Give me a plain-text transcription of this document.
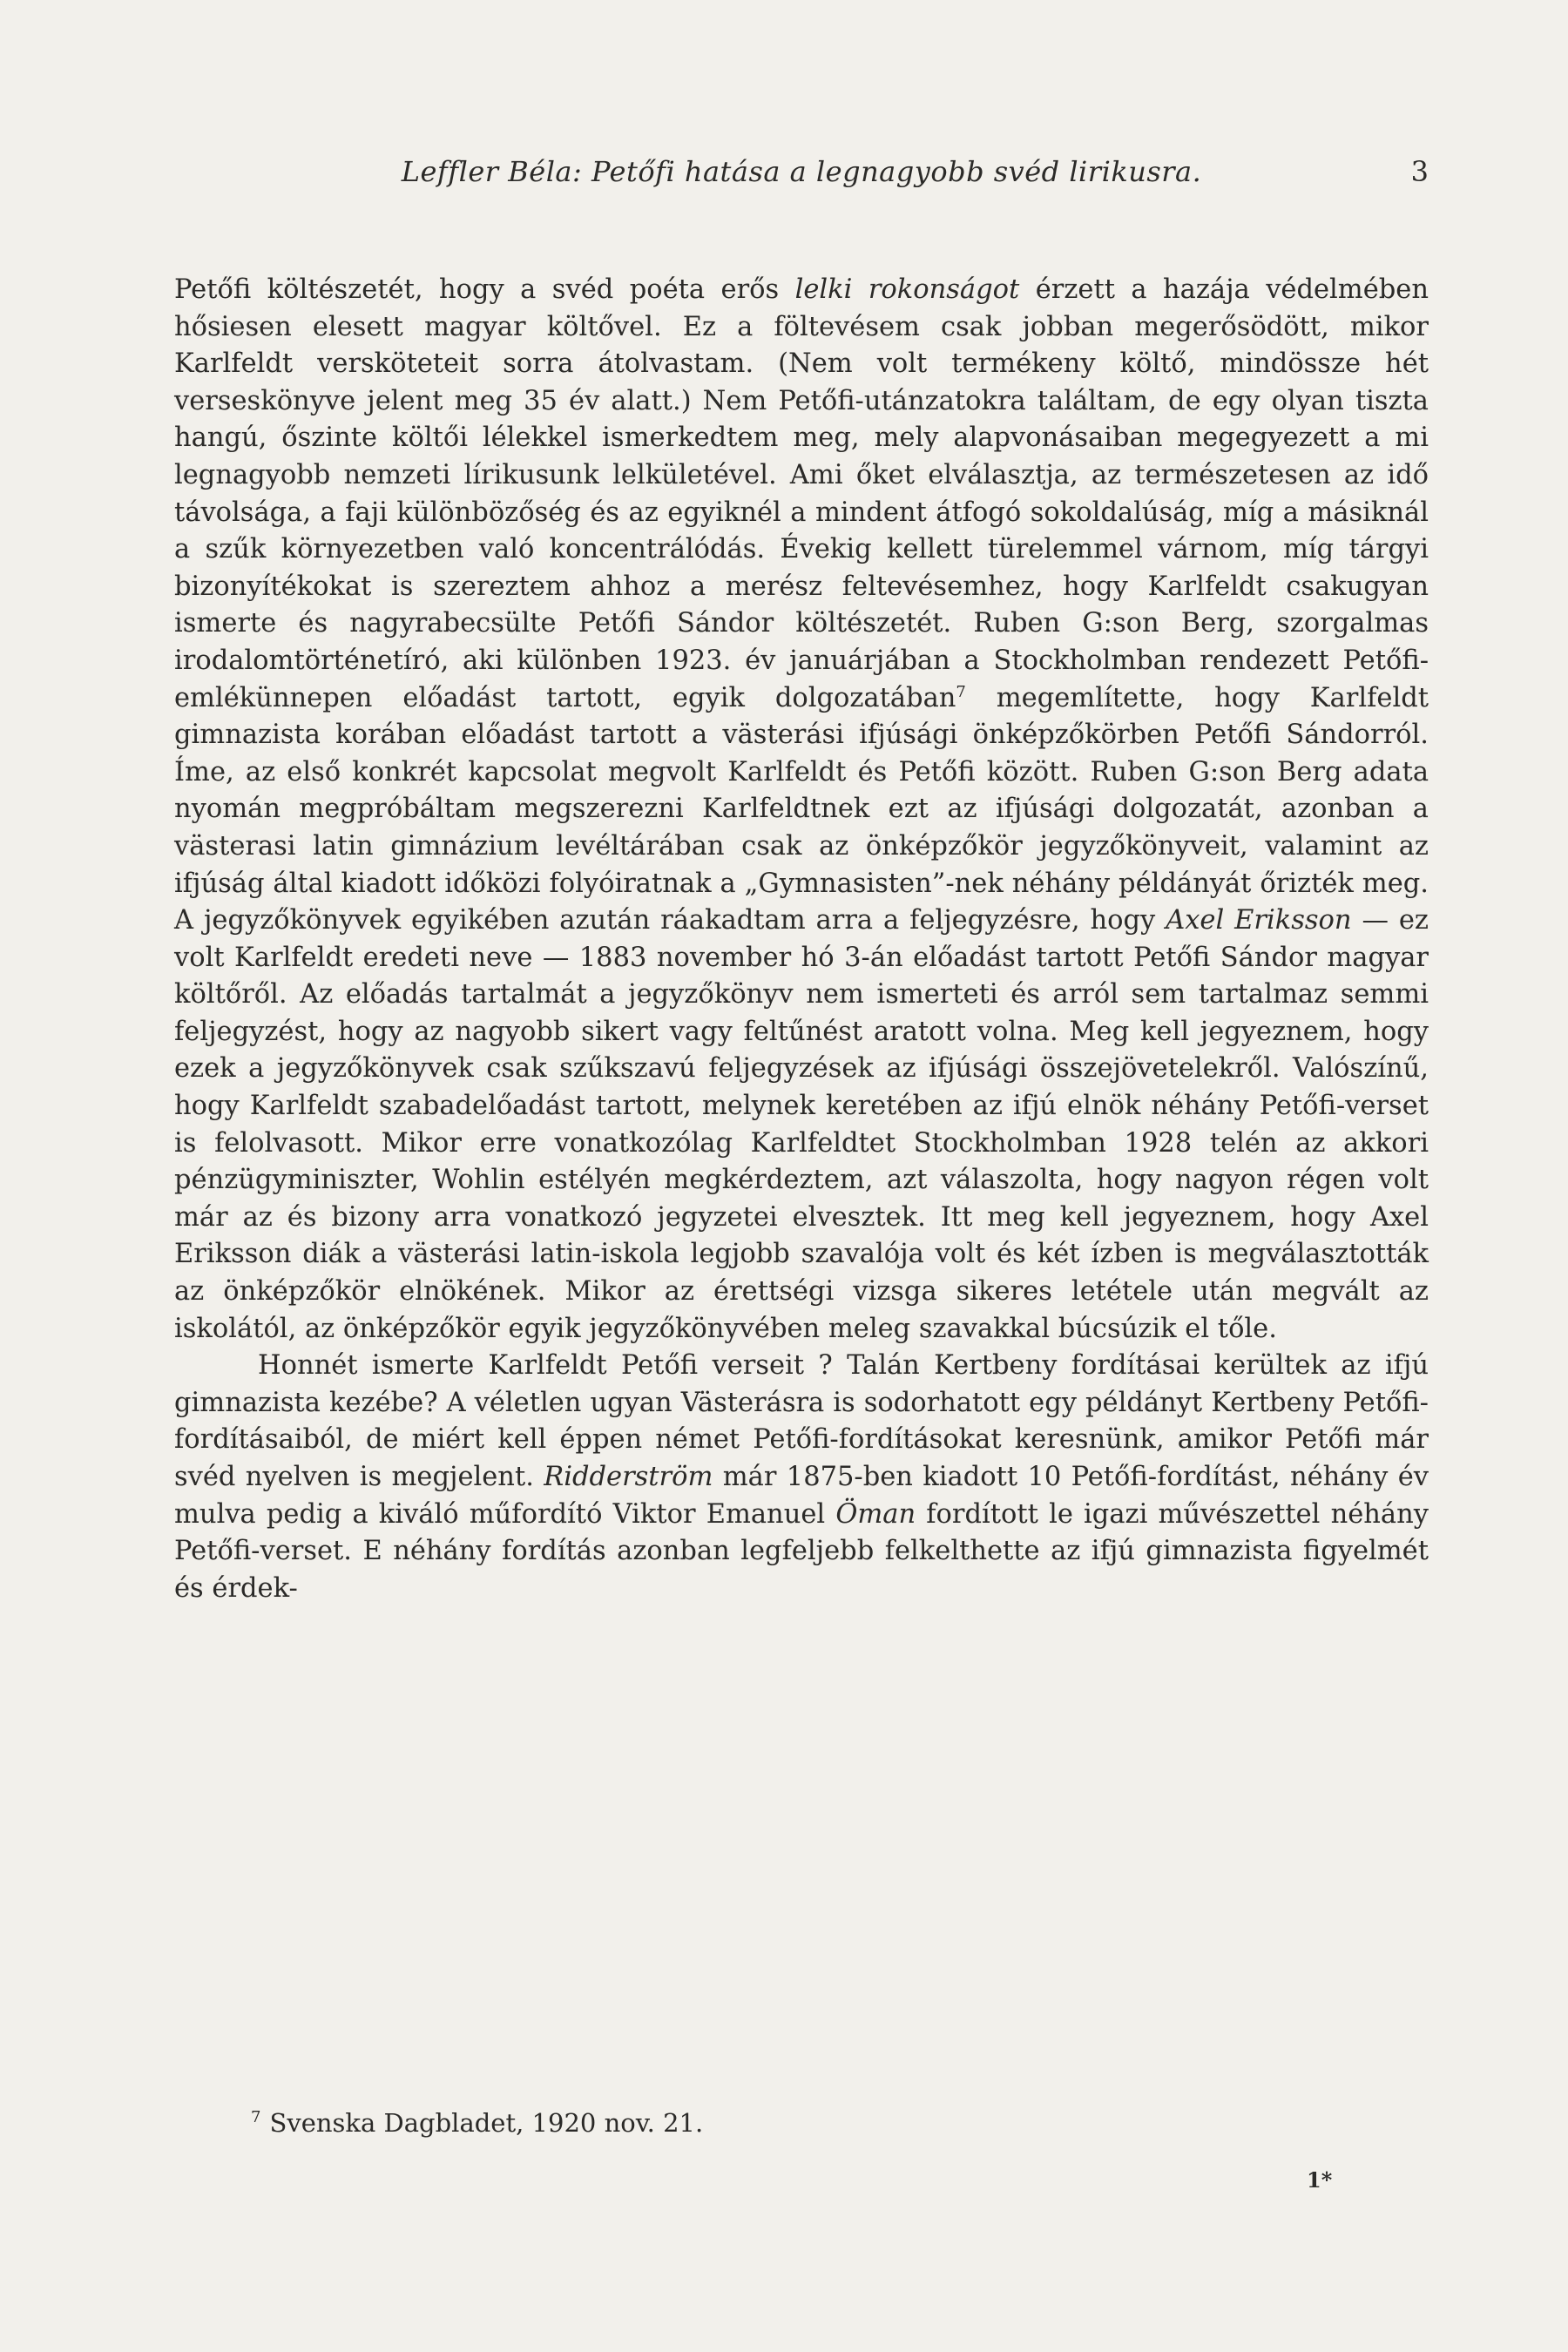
Leffler Béla: Petőfi hatása a legnagyobb svéd lirikusra.	3

Petőfi költészetét, hogy a svéd poéta erős lelki rokonságot érzett a hazája védelmében hősiesen elesett magyar költővel. Ez a föltevésem csak jobban megerősödött, mikor Karlfeldt versköteteit sorra átolvastam. (Nem volt termékeny költő, mindössze hét verseskönyve jelent meg 35 év alatt.) Nem Petőfi-utánzatokra találtam, de egy olyan tiszta hangú, őszinte költői lélekkel ismerkedtem meg, mely alapvonásaiban megegyezett a mi legnagyobb nemzeti lírikusunk lelkületével. Ami őket elválasztja, az természetesen az idő távolsága, a faji különbözőség és az egyiknél a mindent átfogó sokoldalúság, míg a másiknál a szűk környezetben való koncentrálódás. Évekig kellett türelemmel várnom, míg tárgyi bizonyítékokat is szereztem ahhoz a merész feltevésemhez, hogy Karlfeldt csakugyan ismerte és nagyrabecsülte Petőfi Sándor költészetét. Ruben G:son Berg, szorgalmas irodalomtörténetíró, aki különben 1923. év januárjában a Stockholmban rendezett Petőfi-emlékünnepen előadást tartott, egyik dolgozatában$^7$ megemlítette, hogy Karlfeldt gimnazista korában előadást tartott a västerási ifjúsági önképzőkörben Petőfi Sándorról. Íme, az első konkrét kapcsolat megvolt Karlfeldt és Petőfi között. Ruben G:son Berg adata nyomán megpróbáltam megszerezni Karlfeldtnek ezt az ifjúsági dolgozatát, azonban a västerasi latin gimnázium levéltárában csak az önképzőkör jegyzőkönyveit, valamint az ifjúság által kiadott időközi folyóiratnak a „Gymnasisten”-nek néhány példányát őrizték meg. A jegyzőkönyvek egyikében azután ráakadtam arra a feljegyzésre, hogy Axel Eriksson — ez volt Karlfeldt eredeti neve — 1883 november hó 3-án előadást tartott Petőfi Sándor magyar költőről. Az előadás tartalmát a jegyzőkönyv nem ismerteti és arról sem tartalmaz semmi feljegyzést, hogy az nagyobb sikert vagy feltűnést aratott volna. Meg kell jegyeznem, hogy ezek a jegyzőkönyvek csak szűkszavú feljegyzések az ifjúsági összejövetelekről. Valószínű, hogy Karlfeldt szabadelőadást tartott, melynek keretében az ifjú elnök néhány Petőfi-verset is felolvasott. Mikor erre vonatkozólag Karlfeldtet Stockholmban 1928 telén az akkori pénzügyminiszter, Wohlin estélyén megkérdeztem, azt válaszolta, hogy nagyon régen volt már az és bizony arra vonatkozó jegyzetei elvesztek. Itt meg kell jegyeznem, hogy Axel Eriksson diák a västerási latin-iskola legjobb szavalója volt és két ízben is megválasztották az önképzőkör elnökének. Mikor az érettségi vizsga sikeres letétele után megvált az iskolától, az önképzőkör egyik jegyzőkönyvében meleg szavakkal búcsúzik el tőle.

Honnét ismerte Karlfeldt Petőfi verseit ? Talán Kertbeny fordításai kerültek az ifjú gimnazista kezébe? A véletlen ugyan Västerásra is sodorhatott egy példányt Kertbeny Petőfi-fordításaiból, de miért kell éppen német Petőfi-fordításokat keresnünk, amikor Petőfi már svéd nyelven is megjelent. Ridderström már 1875-ben kiadott 10 Petőfi-fordítást, néhány év mulva pedig a kiváló műfordító Viktor Emanuel Öman fordított le igazi művészettel néhány Petőfi-verset. E néhány fordítás azonban legfeljebb felkelthette az ifjú gimnazista figyelmét és érdek-

$^7$ Svenska Dagbladet, 1920 nov. 21.
1*
